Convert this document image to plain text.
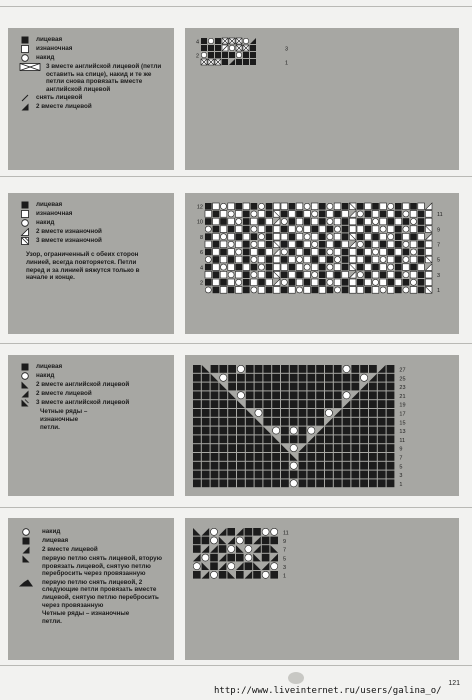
лицевая
изнаночная
накид
3 вместе английской лицевой (петли оставить на спице), накид и те же петли снова провязать вместе английской лицевой
снять лицевой
2 вместе лицевой
4
3
2
1
лицевая
изнаночная
накид
2 вместе изнаночной
3 вместе изнаночной
Узор, ограниченный с обеих сторон линией, всегда повторяется. Петли перед и за линией вяжутся только в начале и конце.
12
11
10
9
8
7
6
5
4
3
2
1
лицевая
накид
2 вместе английской лицевой
2 вместе лицевой
3 вместе английской лицевой
Четные ряды – изнаночные петли.
27
25
23
21
19
17
15
13
11
9
7
5
3
1
накид
лицевая
2 вместе лицевой
первую петлю снять лицевой, вторую провязать лицевой, снятую петлю перебросить через провязанную
первую петлю снять лицевой, 2 следующие петли провязать вместе лицевой, снятую петлю перебросить через провязанную
Четные ряды – изнаночные петли.
11
9
7
5
3
1
121
http://www.liveinternet.ru/users/galina_o/
